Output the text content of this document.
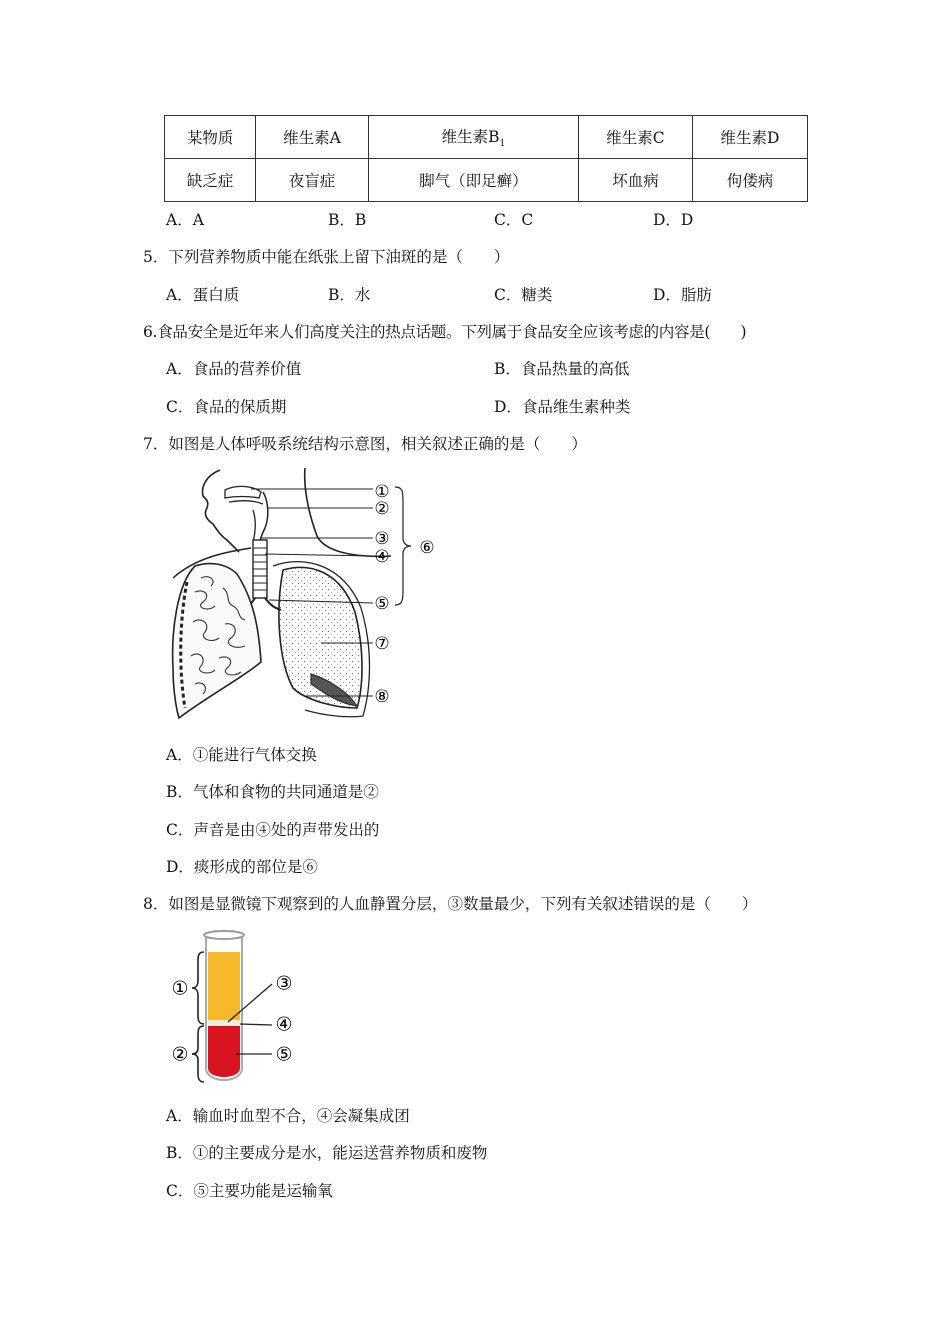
某物质	维生素A	维生素$B_1$	维生素C	维生素D
缺乏症	夜盲症	脚气（即足癣）	坏血病	佝偻病
A．A	B．B	C．C	D．D
5．下列营养物质中能在纸张上留下油斑的是（　　）
A．蛋白质	B．水	C．糖类	D．脂肪
6.食品安全是近年来人们高度关注的热点话题。下列属于食品安全应该考虑的内容是(　　)
A．食品的营养价值	B．食品热量的高低
C．食品的保质期	D．食品维生素种类
7．如图是人体呼吸系统结构示意图，相关叙述正确的是（　　）
①
②
③
④
⑤
⑥
⑦
⑧
A．①能进行气体交换
B．气体和食物的共同通道是②
C．声音是由④处的声带发出的
D．痰形成的部位是⑥
8．如图是显微镜下观察到的人血静置分层，③数量最少，下列有关叙述错误的是（　　）
①
②
③
④
⑤
A．输血时血型不合，④会凝集成团
B．①的主要成分是水，能运送营养物质和废物
C．⑤主要功能是运输氧
